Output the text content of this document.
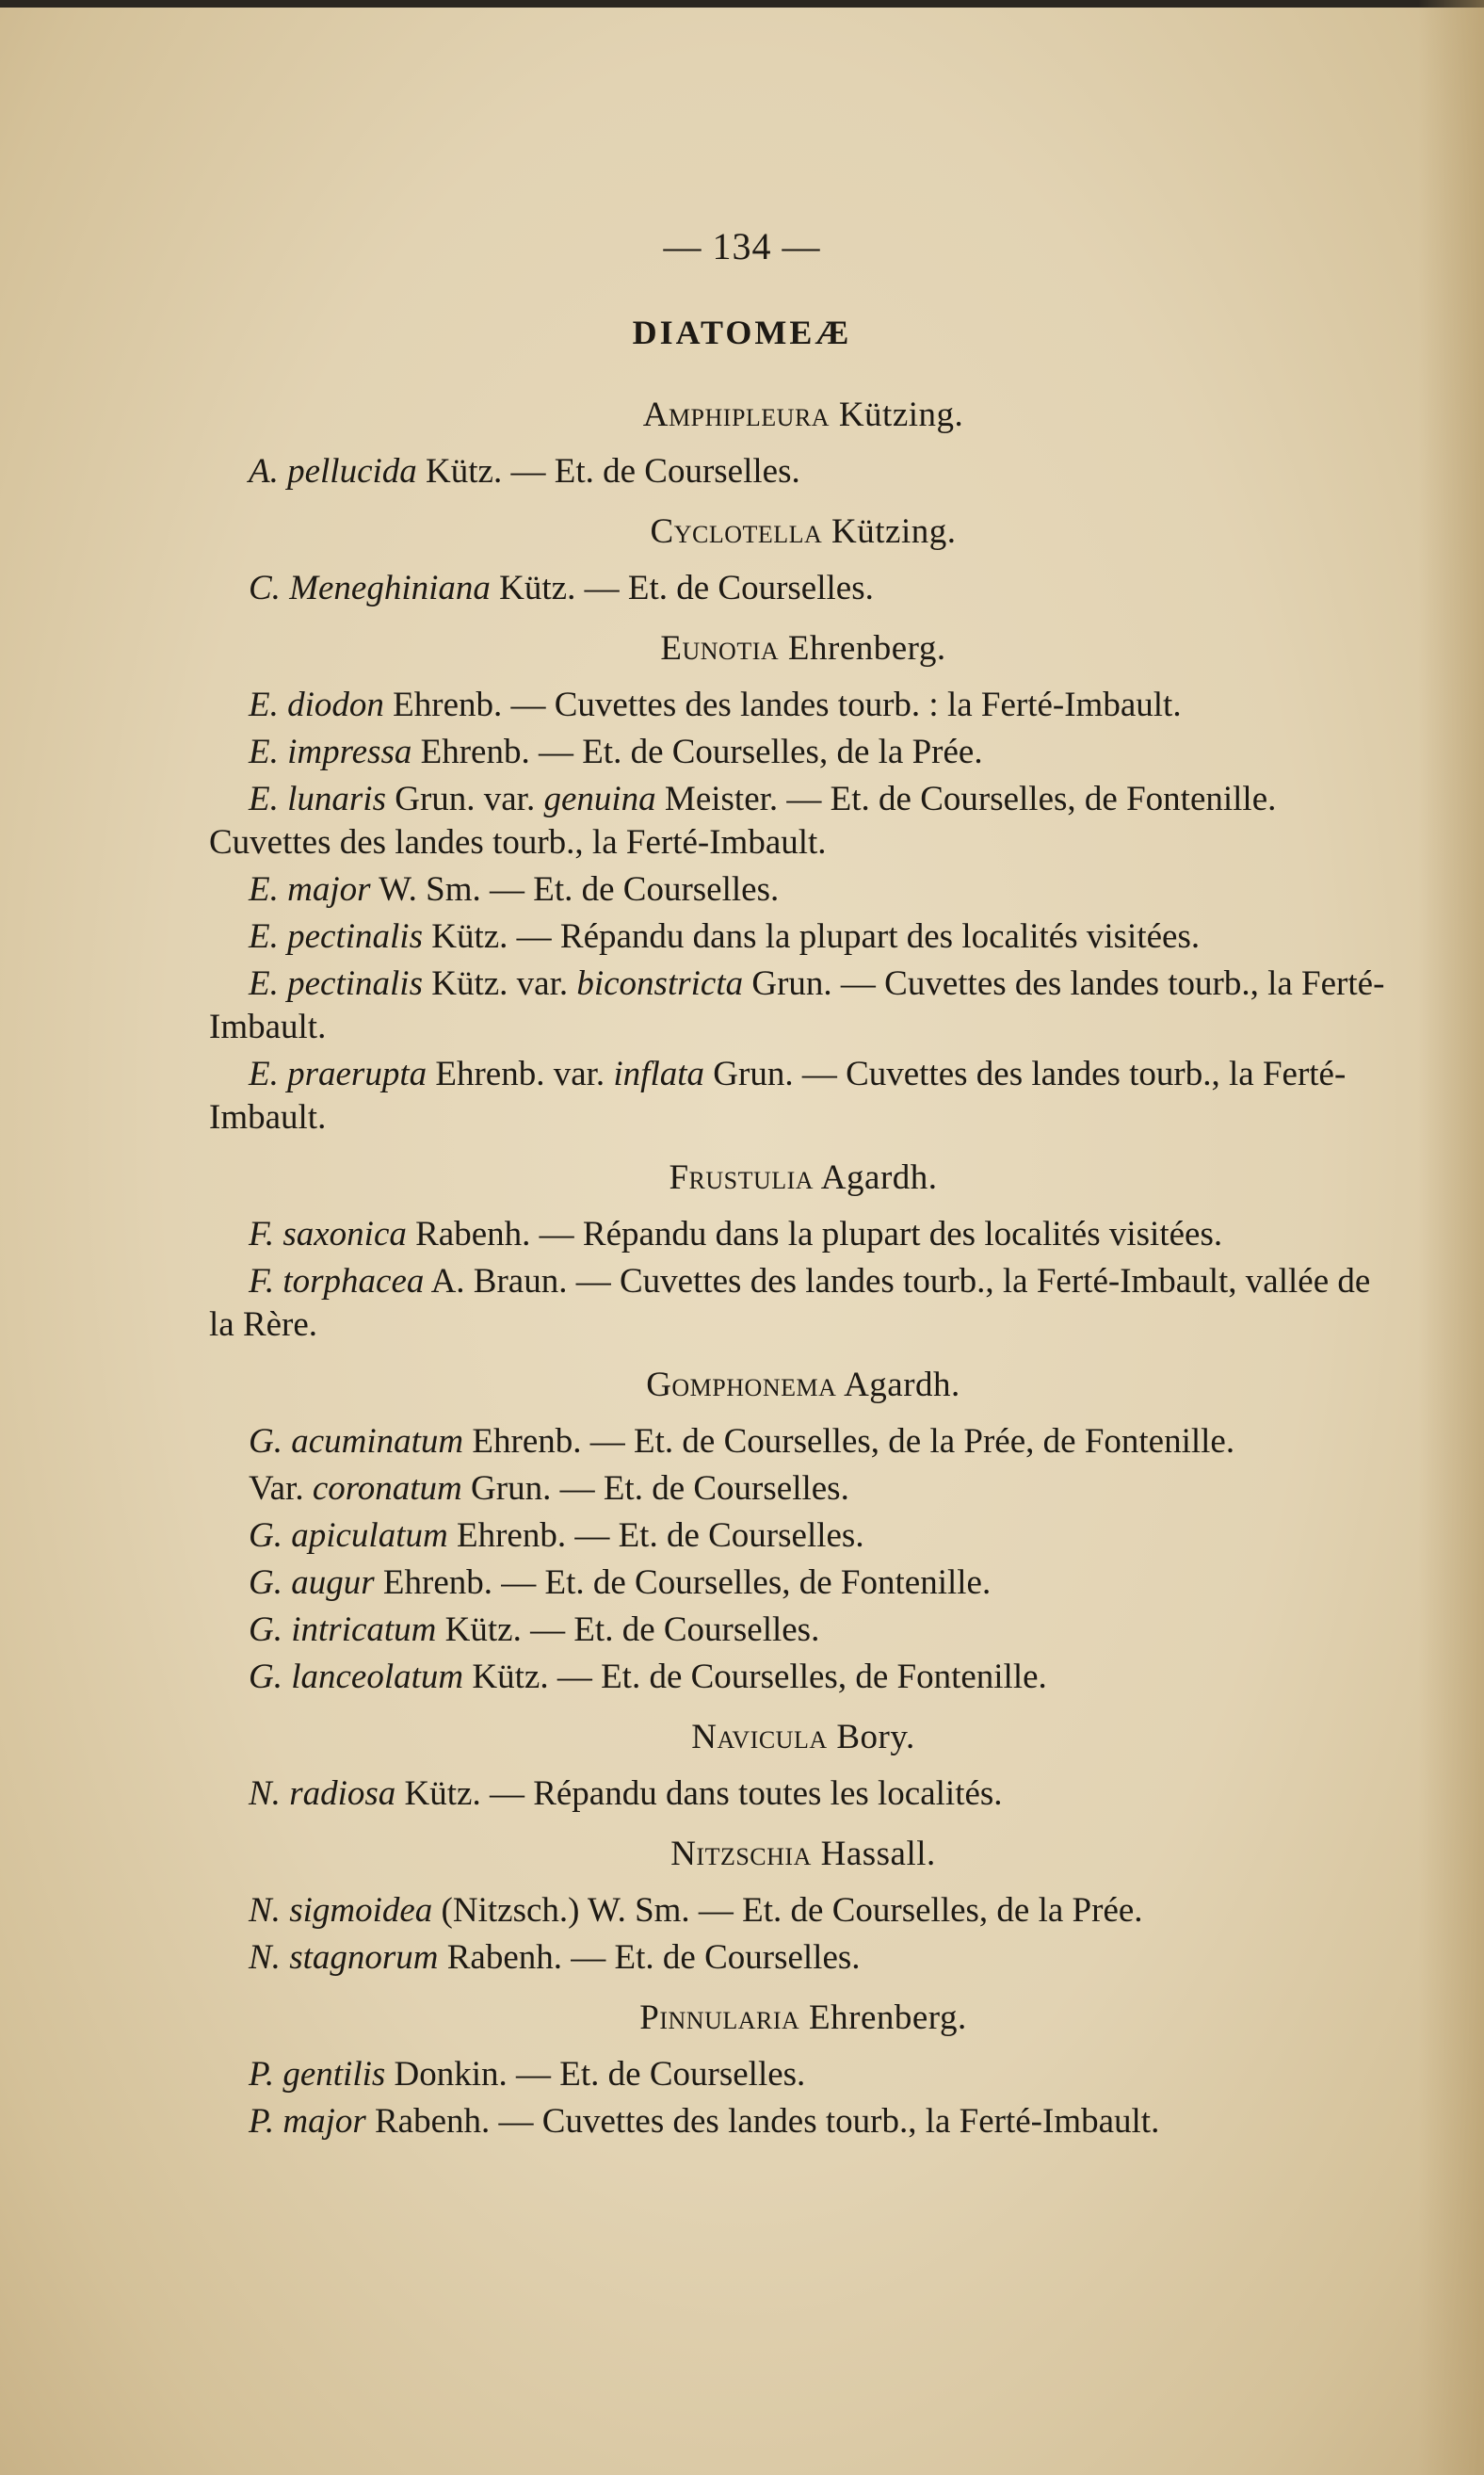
— 134 —
DIATOMEÆ
Amphipleura Kützing.
A. pellucida Kütz. — Et. de Courselles.
Cyclotella Kützing.
C. Meneghiniana Kütz. — Et. de Courselles.
Eunotia Ehrenberg.
E. diodon Ehrenb. — Cuvettes des landes tourb. : la Ferté-Imbault.
E. impressa Ehrenb. — Et. de Courselles, de la Prée.
E. lunaris Grun. var. genuina Meister. — Et. de Courselles, de Fontenille. Cuvettes des landes tourb., la Ferté-Imbault.
E. major W. Sm. — Et. de Courselles.
E. pectinalis Kütz. — Répandu dans la plupart des localités visitées.
E. pectinalis Kütz. var. biconstricta Grun. — Cuvettes des landes tourb., la Ferté-Imbault.
E. praerupta Ehrenb. var. inflata Grun. — Cuvettes des landes tourb., la Ferté-Imbault.
Frustulia Agardh.
F. saxonica Rabenh. — Répandu dans la plupart des localités visitées.
F. torphacea A. Braun. — Cuvettes des landes tourb., la Ferté-Imbault, vallée de la Rère.
Gomphonema Agardh.
G. acuminatum Ehrenb. — Et. de Courselles, de la Prée, de Fontenille.
Var. coronatum Grun. — Et. de Courselles.
G. apiculatum Ehrenb. — Et. de Courselles.
G. augur Ehrenb. — Et. de Courselles, de Fontenille.
G. intricatum Kütz. — Et. de Courselles.
G. lanceolatum Kütz. — Et. de Courselles, de Fontenille.
Navicula Bory.
N. radiosa Kütz. — Répandu dans toutes les localités.
Nitzschia Hassall.
N. sigmoidea (Nitzsch.) W. Sm. — Et. de Courselles, de la Prée.
N. stagnorum Rabenh. — Et. de Courselles.
Pinnularia Ehrenberg.
P. gentilis Donkin. — Et. de Courselles.
P. major Rabenh. — Cuvettes des landes tourb., la Ferté-Imbault.
